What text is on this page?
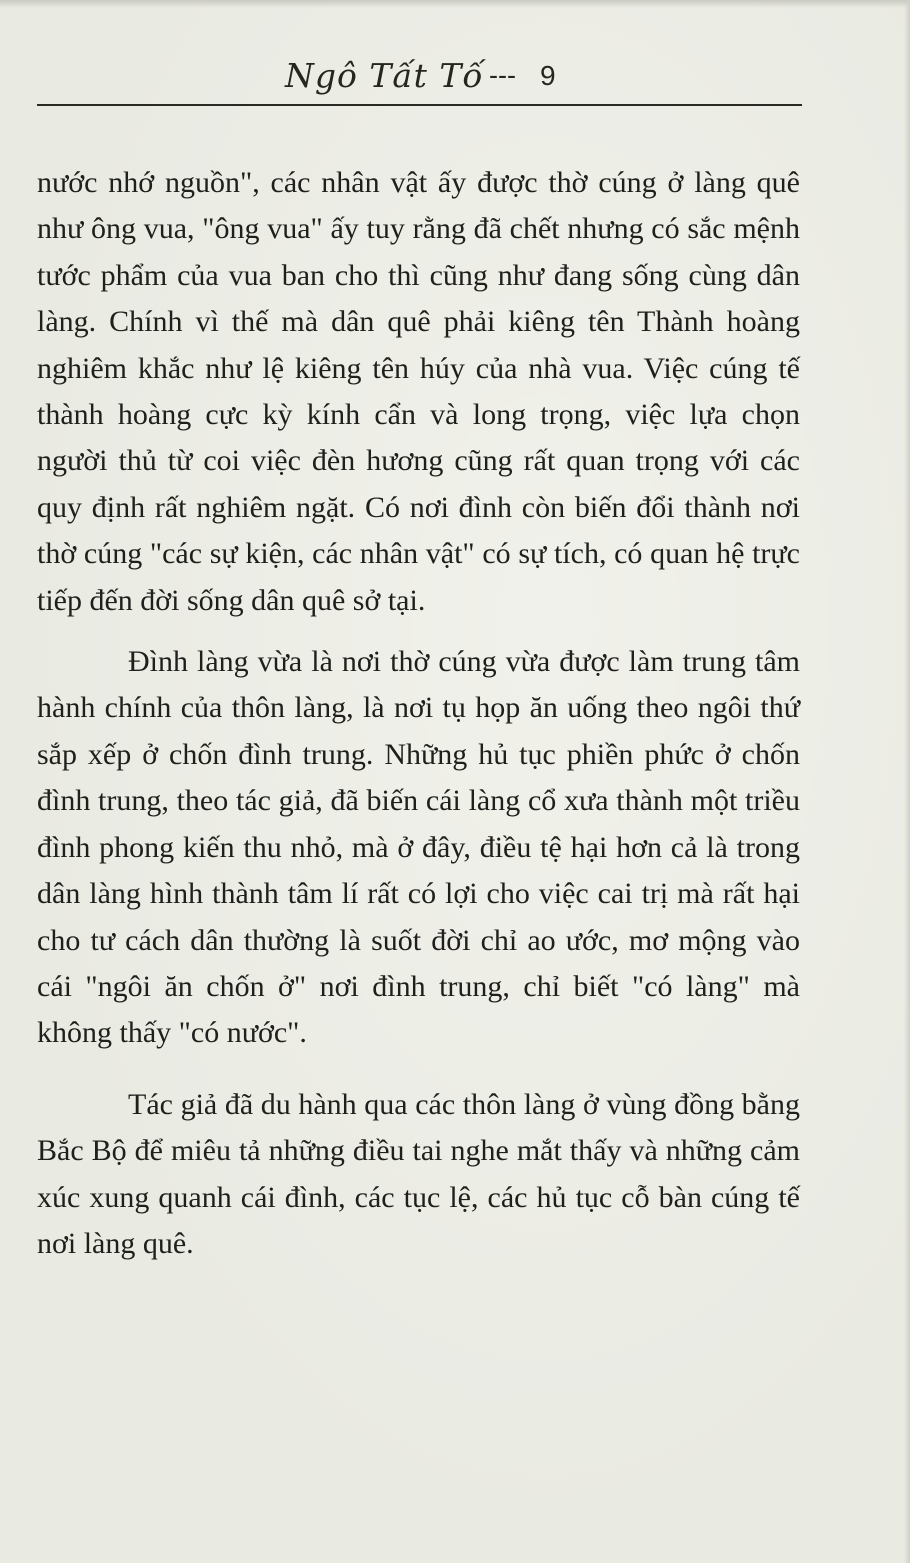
Ngô Tất Tố --- 9

nước nhớ nguồn", các nhân vật ấy được thờ cúng ở làng quê như ông vua, "ông vua" ấy tuy rằng đã chết nhưng có sắc mệnh tước phẩm của vua ban cho thì cũng như đang sống cùng dân làng. Chính vì thế mà dân quê phải kiêng tên Thành hoàng nghiêm khắc như lệ kiêng tên húy của nhà vua. Việc cúng tế thành hoàng cực kỳ kính cẩn và long trọng, việc lựa chọn người thủ từ coi việc đèn hương cũng rất quan trọng với các quy định rất nghiêm ngặt. Có nơi đình còn biến đổi thành nơi thờ cúng "các sự kiện, các nhân vật" có sự tích, có quan hệ trực tiếp đến đời sống dân quê sở tại.

Đình làng vừa là nơi thờ cúng vừa được làm trung tâm hành chính của thôn làng, là nơi tụ họp ăn uống theo ngôi thứ sắp xếp ở chốn đình trung. Những hủ tục phiền phức ở chốn đình trung, theo tác giả, đã biến cái làng cổ xưa thành một triều đình phong kiến thu nhỏ, mà ở đây, điều tệ hại hơn cả là trong dân làng hình thành tâm lí rất có lợi cho việc cai trị mà rất hại cho tư cách dân thường là suốt đời chỉ ao ước, mơ mộng vào cái "ngôi ăn chốn ở" nơi đình trung, chỉ biết "có làng" mà không thấy "có nước".

Tác giả đã du hành qua các thôn làng ở vùng đồng bằng Bắc Bộ để miêu tả những điều tai nghe mắt thấy và những cảm xúc xung quanh cái đình, các tục lệ, các hủ tục cỗ bàn cúng tế nơi làng quê.
